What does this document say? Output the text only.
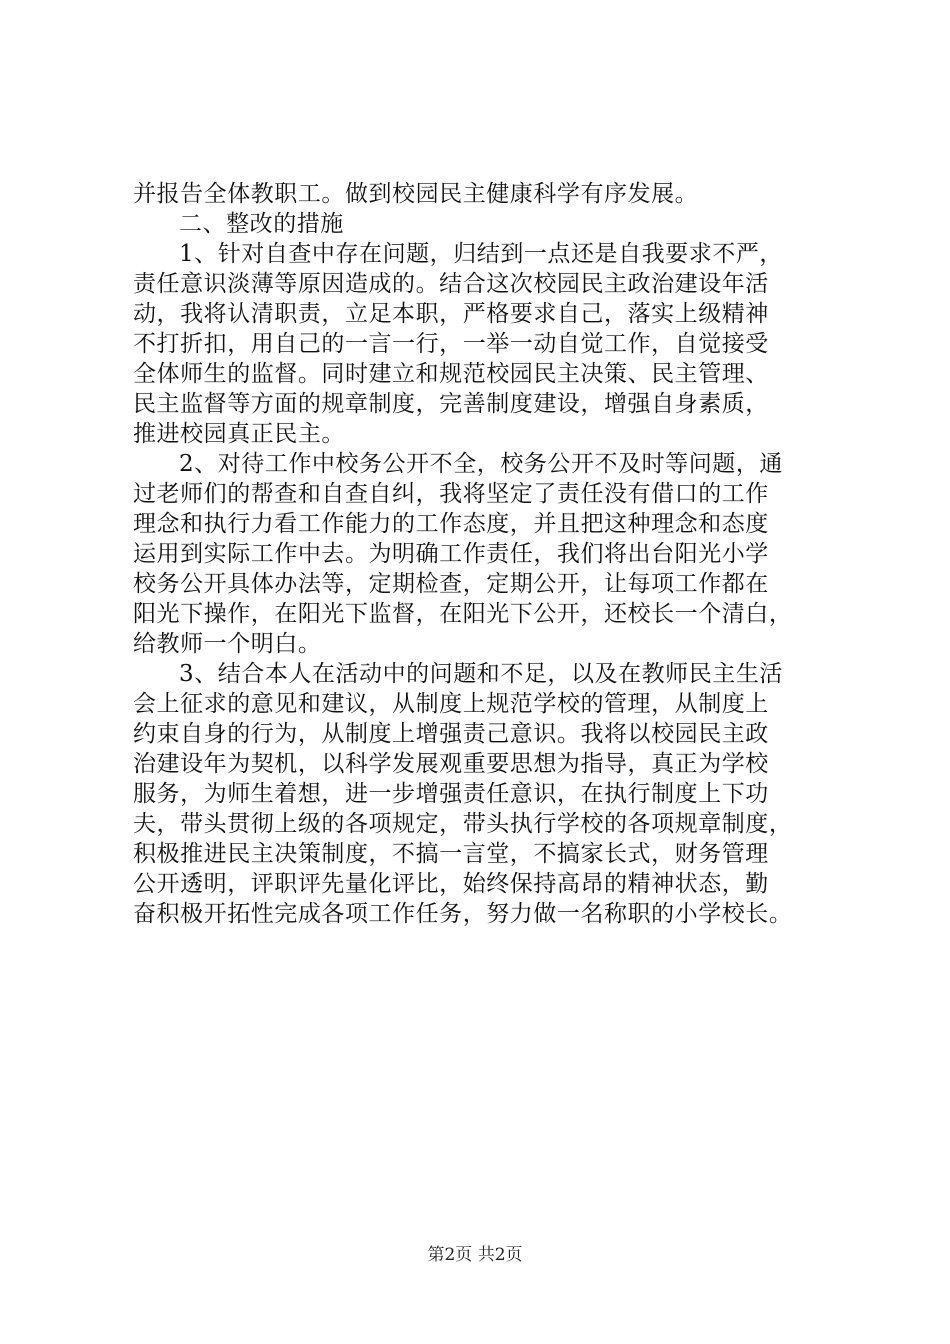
并报告全体教职工。做到校园民主健康科学有序发展。
二、整改的措施
1、针对自查中存在问题，归结到一点还是自我要求不严，
责任意识淡薄等原因造成的。结合这次校园民主政治建设年活
动，我将认清职责，立足本职，严格要求自己，落实上级精神
不打折扣，用自己的一言一行，一举一动自觉工作，自觉接受
全体师生的监督。同时建立和规范校园民主决策、民主管理、
民主监督等方面的规章制度，完善制度建设，增强自身素质，
推进校园真正民主。
2、对待工作中校务公开不全，校务公开不及时等问题，通
过老师们的帮查和自查自纠，我将坚定了责任没有借口的工作
理念和执行力看工作能力的工作态度，并且把这种理念和态度
运用到实际工作中去。为明确工作责任，我们将出台阳光小学
校务公开具体办法等，定期检查，定期公开，让每项工作都在
阳光下操作，在阳光下监督，在阳光下公开，还校长一个清白，
给教师一个明白。
3、结合本人在活动中的问题和不足，以及在教师民主生活
会上征求的意见和建议，从制度上规范学校的管理，从制度上
约束自身的行为，从制度上增强责己意识。我将以校园民主政
治建设年为契机，以科学发展观重要思想为指导，真正为学校
服务，为师生着想，进一步增强责任意识，在执行制度上下功
夫，带头贯彻上级的各项规定，带头执行学校的各项规章制度，
积极推进民主决策制度，不搞一言堂，不搞家长式，财务管理
公开透明，评职评先量化评比，始终保持高昂的精神状态，勤
奋积极开拓性完成各项工作任务，努力做一名称职的小学校长。
第2页 共2页
